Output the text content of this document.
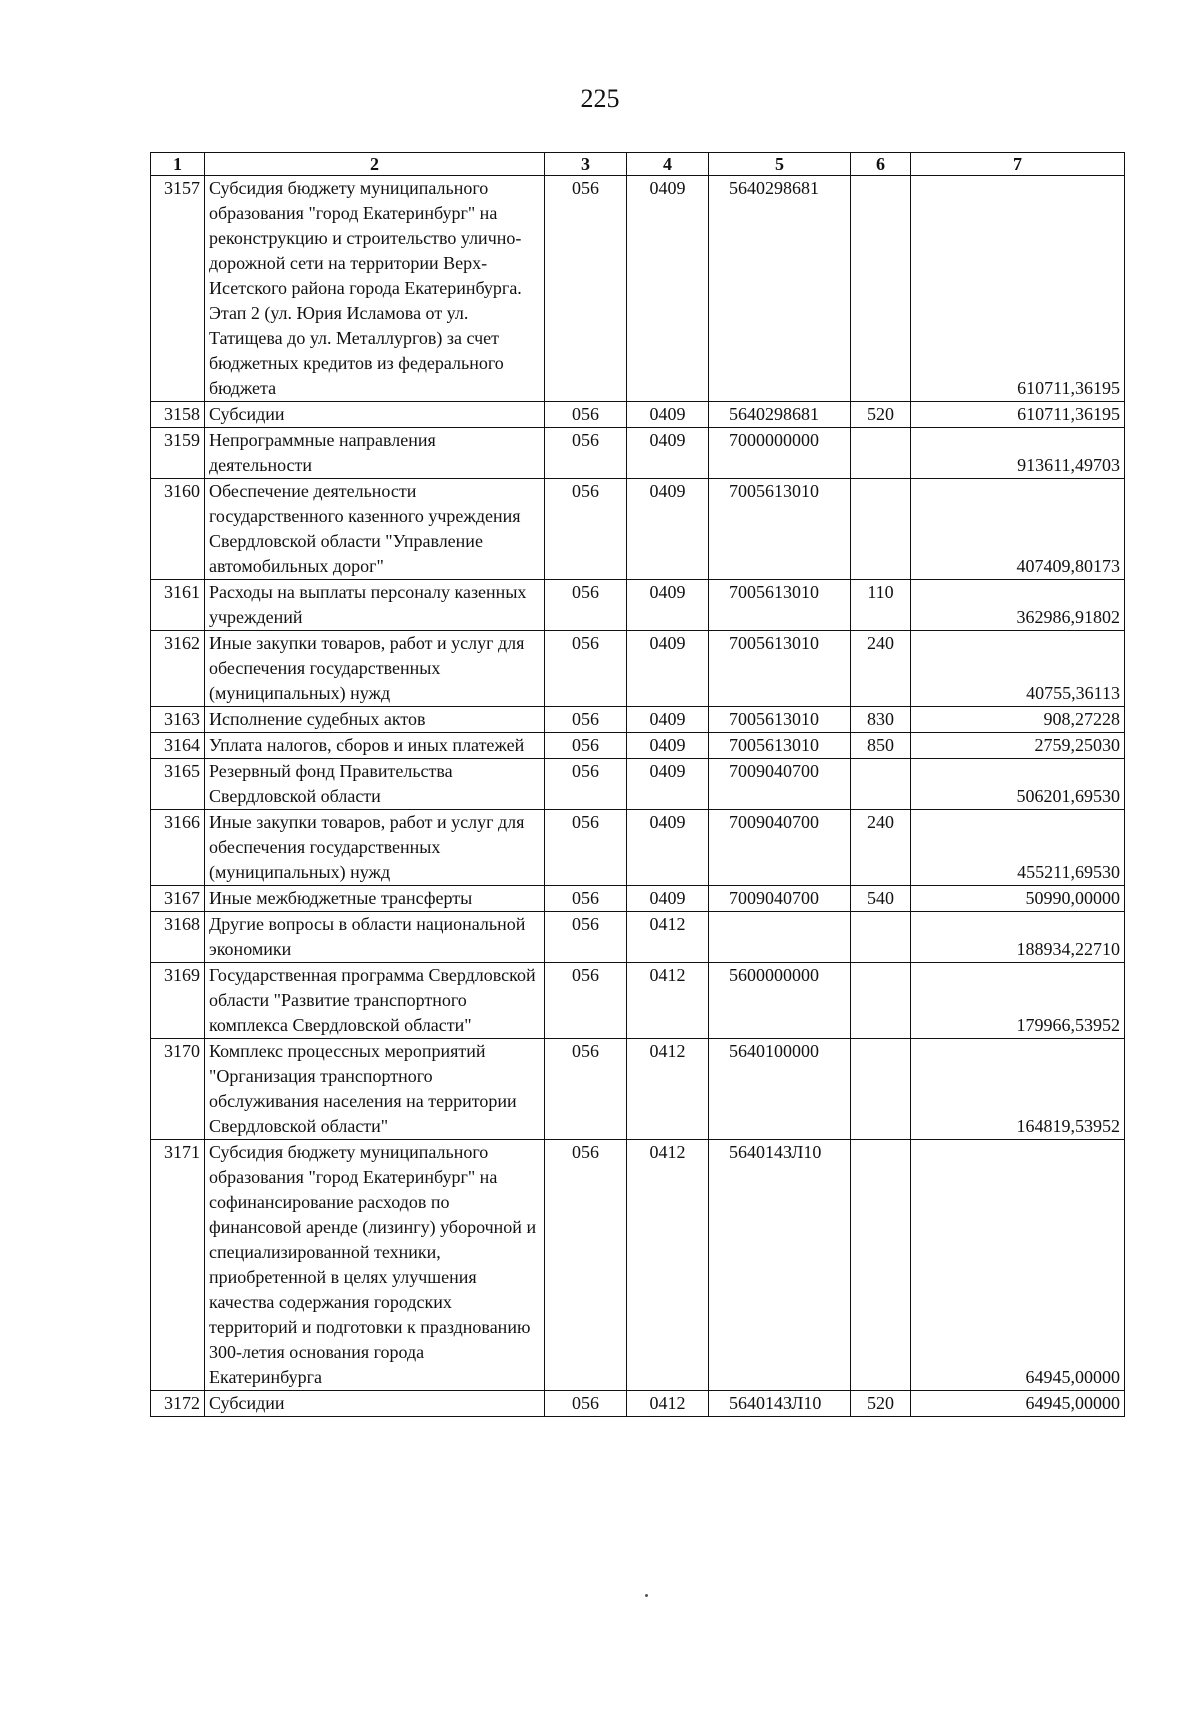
225
1	2	3	4	5	6	7
3157	Субсидия бюджету муниципального образования "город Екатеринбург" на реконструкцию и строительство улично-дорожной сети на территории Верх-Исетского района города Екатеринбурга. Этап 2 (ул. Юрия Исламова от ул. Татищева до ул. Металлургов) за счет бюджетных кредитов из федерального бюджета	056	0409	5640298681		610711,36195
3158	Субсидии	056	0409	5640298681	520	610711,36195
3159	Непрограммные направления деятельности	056	0409	7000000000		913611,49703
3160	Обеспечение деятельности государственного казенного учреждения Свердловской области "Управление автомобильных дорог"	056	0409	7005613010		407409,80173
3161	Расходы на выплаты персоналу казенных учреждений	056	0409	7005613010	110	362986,91802
3162	Иные закупки товаров, работ и услуг для обеспечения государственных (муниципальных) нужд	056	0409	7005613010	240	40755,36113
3163	Исполнение судебных актов	056	0409	7005613010	830	908,27228
3164	Уплата налогов, сборов и иных платежей	056	0409	7005613010	850	2759,25030
3165	Резервный фонд Правительства Свердловской области	056	0409	7009040700		506201,69530
3166	Иные закупки товаров, работ и услуг для обеспечения государственных (муниципальных) нужд	056	0409	7009040700	240	455211,69530
3167	Иные межбюджетные трансферты	056	0409	7009040700	540	50990,00000
3168	Другие вопросы в области национальной экономики	056	0412			188934,22710
3169	Государственная программа Свердловской области "Развитие транспортного комплекса Свердловской области"	056	0412	5600000000		179966,53952
3170	Комплекс процессных мероприятий "Организация транспортного обслуживания населения на территории Свердловской области"	056	0412	5640100000		164819,53952
3171	Субсидия бюджету муниципального образования "город Екатеринбург" на софинансирование расходов по финансовой аренде (лизингу) уборочной и специализированной техники, приобретенной в целях улучшения качества содержания городских территорий и подготовки к празднованию 300-летия основания города Екатеринбурга	056	0412	564014ЗЛ10		64945,00000
3172	Субсидии	056	0412	564014ЗЛ10	520	64945,00000
